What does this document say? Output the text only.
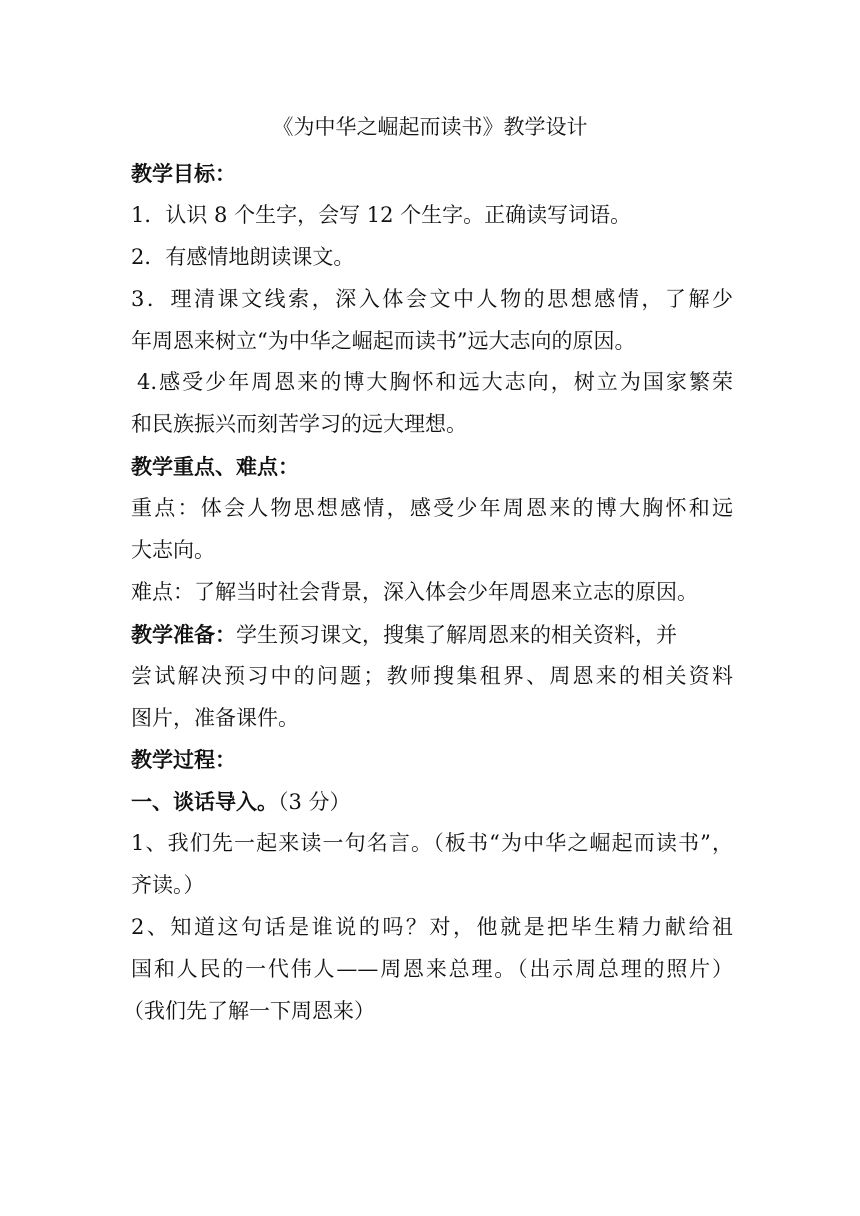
《为中华之崛起而读书》教学设计
教学目标：
1．认识 8 个生字，会写 12 个生字。正确读写词语。
2．有感情地朗读课文。
3．理清课文线索，深入体会文中人物的思想感情，了解少
年周恩来树立“为中华之崛起而读书”远大志向的原因。
4.感受少年周恩来的博大胸怀和远大志向，树立为国家繁荣
和民族振兴而刻苦学习的远大理想。
教学重点、难点：
重点：体会人物思想感情，感受少年周恩来的博大胸怀和远
大志向。
难点：了解当时社会背景，深入体会少年周恩来立志的原因。
教学准备：学生预习课文，搜集了解周恩来的相关资料，并
尝试解决预习中的问题；教师搜集租界、周恩来的相关资料
图片，准备课件。
教学过程：
一、谈话导入。（3 分）
1、我们先一起来读一句名言。（板书“为中华之崛起而读书”，
齐读。）
2、知道这句话是谁说的吗？对，他就是把毕生精力献给祖
国和人民的一代伟人——周恩来总理。（出示周总理的照片）
（我们先了解一下周恩来）
